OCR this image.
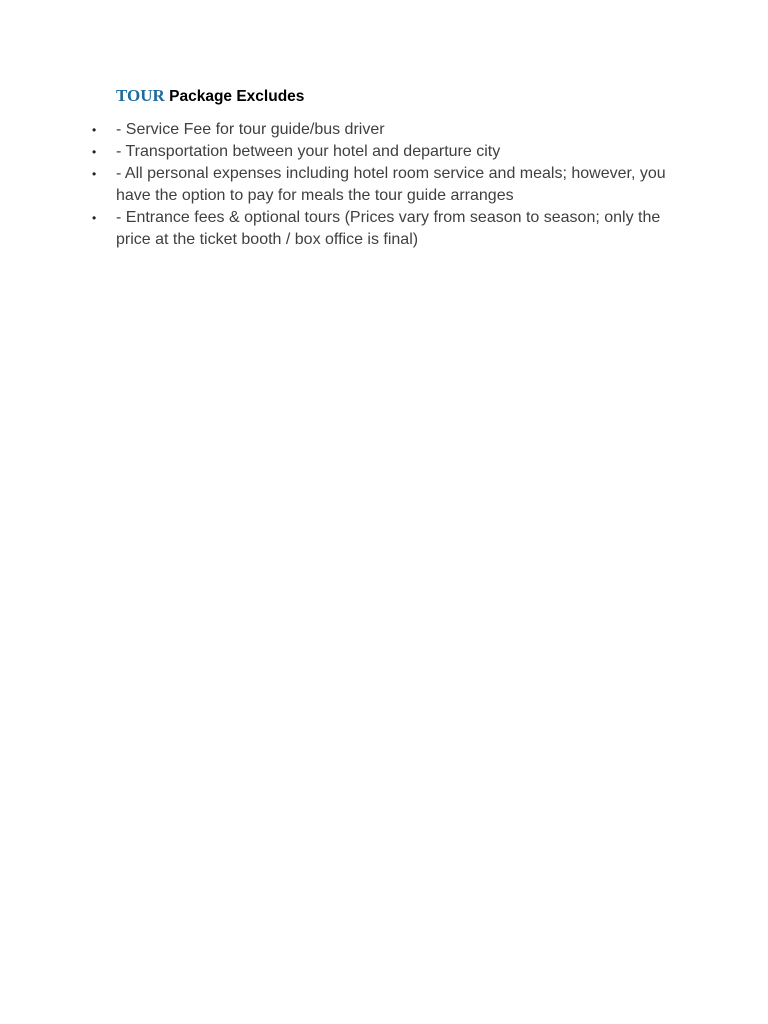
TOUR Package Excludes
•	- Service Fee for tour guide/bus driver
•	- Transportation between your hotel and departure city
•	- All personal expenses including hotel room service and meals; however, you have the option to pay for meals the tour guide arranges
•	- Entrance fees & optional tours (Prices vary from season to season; only the price at the ticket booth / box office is final)
